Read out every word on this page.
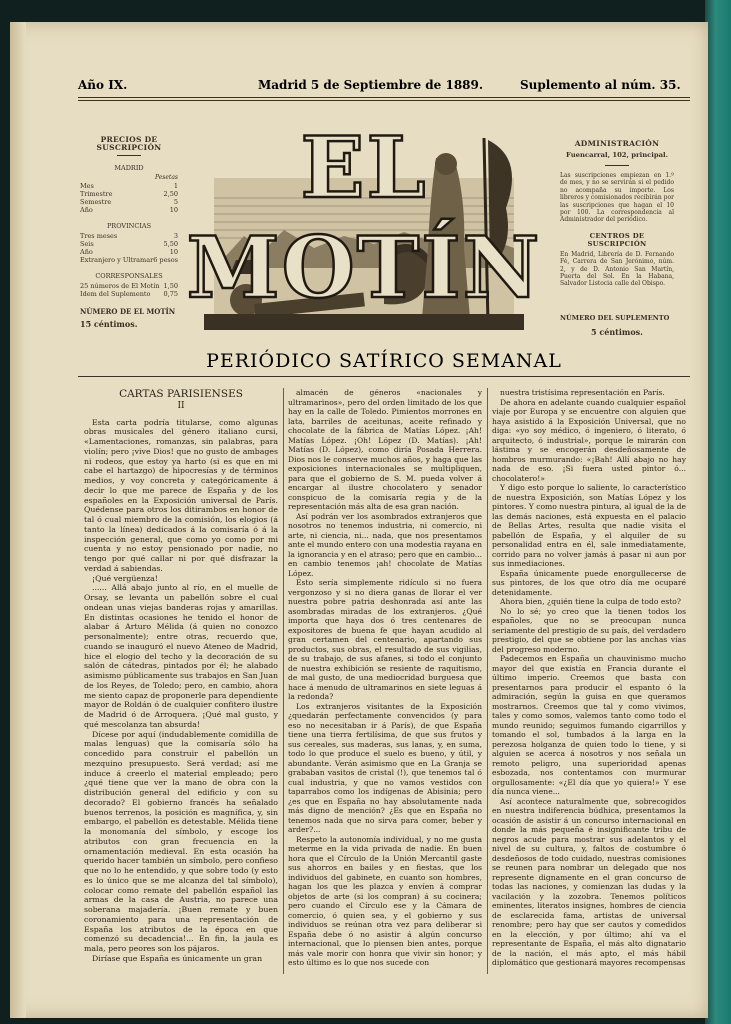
Año IX.	Madrid 5 de Septiembre de 1889.	Suplemento al núm. 35.
PRECIOS DE SUSCRIPCIÓN
MADRID
Pesetas
Mes	1
Trimestre	2,50
Semestre	5
Año	10
PROVINCIAS
Tres meses	3
Seis	5,50
Año	10
Extranjero y Ultramar 6 pesos
CORRESPONSALES
25 números de El Motín 1,50
Idem del Suplemento 0,75
NÚMERO DE EL MOTÍN
15 céntimos.
EL MOTÍN
ADMINISTRACIÓN
Fuencarral, 102, principal.
Las suscripciones empiezan en 1.º de mes, y no se servirán si el pedido no acompaña su importe. Los libreros y comisionados recibirán por las suscripciones que hagan el 10 por 100. La correspondencia al Administrador del periódico.
CENTROS DE SUSCRIPCIÓN
En Madrid, Librería de D. Fernando Fé, Carrera de San Jerónimo, núm. 2, y de D. Antonio San Martín, Puerta del Sol. En la Habana, Salvador Listocia calle del Obispo.
NÚMERO DEL SUPLEMENTO
5 céntimos.
PERIÓDICO SATÍRICO SEMANAL
CARTAS PARISIENSES
II

Esta carta podría titularse, como algunas obras musicales del género italiano cursi, «Lamentaciones, romanzas, sin palabras, para violín; pero ¡vive Dios! que no gusto de ambages ni rodeos, que estoy ya harto (si es que en mi cabe el hartazgo) de hipocresías y de términos medios, y voy concreta y categóricamente á decir lo que me parece de España y de los españoles en la Exposición universal de París. Quédense para otros los ditirambos en honor de tal ó cual miembro de la comisión, los elogios (á tanto la línea) dedicados á la comisaría ó á la inspección general, que como yo como por mi cuenta y no estoy pensionado por nadie, no tengo por qué callar ni por qué disfrazar la verdad á sabiendas.

¡Qué vergüenza!

...... Allá abajo junto al río, en el muelle de Orsay, se levanta un pabellón sobre el cual ondean unas viejas banderas rojas y amarillas. En distintas ocasiones he tenido el honor de alabar á Arturo Mélida (á quien no conozco personalmente); entre otras, recuerdo que, cuando se inauguró el nuevo Ateneo de Madrid, hice el elogio del techo y la decoración de su salón de cátedras, pintados por él; he alabado asimismo públicamente sus trabajos en San Juan de los Reyes, de Toledo; pero, en cambio, ahora me siento capaz de proponerle para dependiente mayor de Roldán ó de cualquier confitero ilustre de Madrid ó de Arroquera. ¡Qué mal gusto, y qué mescolanza tan absurda!

Dícese por aquí (indudablemente comidilla de malas lenguas) que la comisaría sólo ha concedido para construir el pabellón un mezquino presupuesto. Será verdad; así me induce á creerlo el material empleado; pero ¿qué tiene que ver la mano de obra con la distribución general del edificio y con su decorado? El gobierno francés ha señalado buenos terrenos, la posición es magnífica, y, sin embargo, el pabellón es detestable. Mélida tiene la monomanía del símbolo, y escoge los atributos con gran frecuencia en la ornamentación medieval. En esta ocasión ha querido hacer también un símbolo, pero confieso que no lo he entendido, y que sobre todo (y esto es lo único que se me alcanza del tal símbolo), colocar como remate del pabellón español las armas de la casa de Austria, no parece una soberana majadería. ¡Buen remate y buen coronamiento para una representación de España los atributos de la época en que comenzó su decadencia!... En fin, la jaula es mala, pero peores son los pájaros.

Diríase que España es únicamente un gran

almacén de géneros «nacionales y ultramarinos», pero del orden limitado de los que hay en la calle de Toledo. Pimientos morrones en lata, barriles de aceitunas, aceite refinado y chocolate de la fábrica de Matías López. ¡Ah! Matías López. ¡Oh! López (D. Matías). ¡Ah! Matías (D. López), como diría Posada Herrera. Dios nos le conserve muchos años, y haga que las exposiciones internacionales se multipliquen, para que el gobierno de S. M. pueda volver á encargar al ilustre chocolatero y senador conspicuo de la comisaría regia y de la representación más alta de esa gran nación.

Así podrán ver los asombrados extranjeros que nosotros no tenemos industria, ni comercio, ni arte, ni ciencia, ni... nada, que nos presentamos ante el mundo entero con una modestia rayana en la ignorancia y en el atraso; pero que en cambio... en cambio tenemos ¡ah! chocolate de Matías López.

Esto sería simplemente ridículo si no fuera vergonzoso y si no diera ganas de llorar el ver nuestra pobre patria deshonrada así ante las asombradas miradas de los extranjeros. ¿Qué importa que haya dos ó tres centenares de expositores de buena fe que hayan acudido al gran certamen del centenario, apartando sus productos, sus obras, el resultado de sus vigilias, de su trabajo, de sus afanes, si todo el conjunto de nuestra exhibición se resiente de raquitismo, de mal gusto, de una mediocridad burguesa que hace á menudo de ultramarinos en siete leguas á la redonda?

Los extranjeros visitantes de la Exposición ¿quedarán perfectamente convencidos (y para eso no necesitaban ir á París), de que España tiene una tierra fertilísima, de que sus frutos y sus cereales, sus maderas, sus lanas, y, en suma, todo lo que produce el suelo es bueno, y útil, y abundante. Verán asimismo que en La Granja se grababan vasitos de cristal (!), que tenemos tal ó cual industria, y que no vamos vestidos con taparrabos como los indígenas de Abisinia; pero ¿es que en España no hay absolutamente nada más digno de mención? ¿Es que en España no tenemos nada que no sirva para comer, beber y arder?...

Respeto la autonomía individual, y no me gusta meterme en la vida privada de nadie. En buen hora que el Círculo de la Unión Mercantil gaste sus ahorros en bailes y en fiestas, que los individuos del gabinete, en cuanto son hombres, hagan los que les plazca y envíen á comprar objetos de arte (si los compran) á su cocinera; pero cuando el Círculo ese y la Cámara de comercio, ó quien sea, y el gobierno y sus individuos se reúnan otra vez para deliberar si España debe ó no asistir á algún concurso internacional, que lo piensen bien antes, porque más vale morir con honra que vivir sin honor; y esto último es lo que nos sucede con

nuestra tristísima representación en París.

De ahora en adelante cuando cualquier español viaje por Europa y se encuentre con alguien que haya asistido á la Exposición Universal, que no diga: «yo soy médico, ó ingeniero, ó literato, ó arquitecto, ó industrial», porque le mirarán con lástima y se encogerán desdeñosamente de hombros murmurando: «¡Bah! Allí abajo no hay nada de eso. ¡Si fuera usted pintor ó... chocolatero!»

Y digo esto porque lo saliente, lo característico de nuestra Exposición, son Matías López y los pintores. Y como nuestra pintura, al igual de la de las demás naciones, está expuesta en el palacio de Bellas Artes, resulta que nadie visita el pabellón de España, y el alquiler de su personalidad entra en él, sale inmediatamente, corrido para no volver jamás á pasar ni aun por sus inmediaciones.

España únicamente puede enorgullecerse de sus pintores, de los que otro día me ocuparé detenidamente.

Ahora bien, ¿quién tiene la culpa de todo esto?

No lo sé; yo creo que la tienen todos los españoles, que no se preocupan nunca seriamente del prestigio de su país, del verdadero prestigio, del que se obtiene por las anchas vías del progreso moderno.

Padecemos en España un chauvinismo mucho mayor del que existía en Francia durante el último imperio. Creemos que basta con presentarnos para producir el espanto ó la admiración, según la guisa en que queramos mostrarnos. Creemos que tal y como vivimos, tales y como somos, valemos tanto como todo el mundo reunido; seguimos fumando cigarrillos y tomando el sol, tumbados á la larga en la perezosa holganza de quien todo lo tiene, y si alguien se acerca á nosotros y nos señala un remoto peligro, una superioridad apenas esbozada, nos contentamos con murmurar orgullosamente: «¿El día que yo quiera!» Y ese día nunca viene...

Así acontece naturalmente que, sobrecogidos en nuestra indiferencia búdhica, presentamos la ocasión de asistir á un concurso internacional en donde la más pequeña é insignificante tribu de negros acude para mostrar sus adelantos y el nivel de su cultura, y, faltos de costumbre ó desdeñosos de todo cuidado, nuestras comisiones se reunen para nombrar un delegado que nos represente dignamente en el gran concurso de todas las naciones, y comienzan las dudas y la vacilación y la zozobra. Tenemos políticos eminentes, literatos insignes, hombres de ciencia de esclarecida fama, artistas de universal renombre; pero hay que ser cautos y comedidos en la elección, y por último; ahí va el representante de España, el más alto dignatario de la nación, el más apto, el más hábil diplomático que gestionará mayores recompensas
